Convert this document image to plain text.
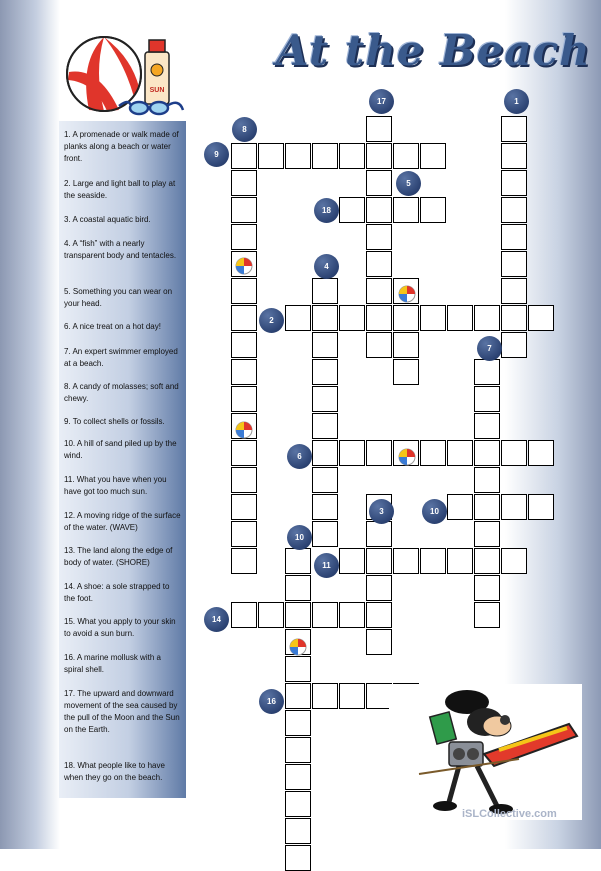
SUN
At the Beach
1. A promenade or walk made of planks along a beach or water front.
2. Large and light ball to play at the seaside.
3. A coastal aquatic bird.
4. A “fish” with a nearly transparent body and tentacles.
5. Something you can wear on your head.
6. A nice treat on a hot day!
7. An expert swimmer employed at a beach.
8. A candy of molasses; soft and chewy.
9. To collect shells or fossils.
10. A hill of sand piled up by the wind.
11. What you have when you have got too much sun.
12. A moving ridge of the surface of the water. (WAVE)
13. The land along the edge of body of water. (SHORE)
14. A shoe: a sole strapped to the foot.
15. What you apply to your skin to avoid a sun burn.
16. A marine mollusk with a spiral shell.
17. The upward and downward movement of the sea caused by the pull of the Moon and the Sun on the Earth.
18. What people like to have when they go on the beach.
17	1
8
9
5
18
4
2
7
6
3	10
10
11
14
16
iSLCollective.com
